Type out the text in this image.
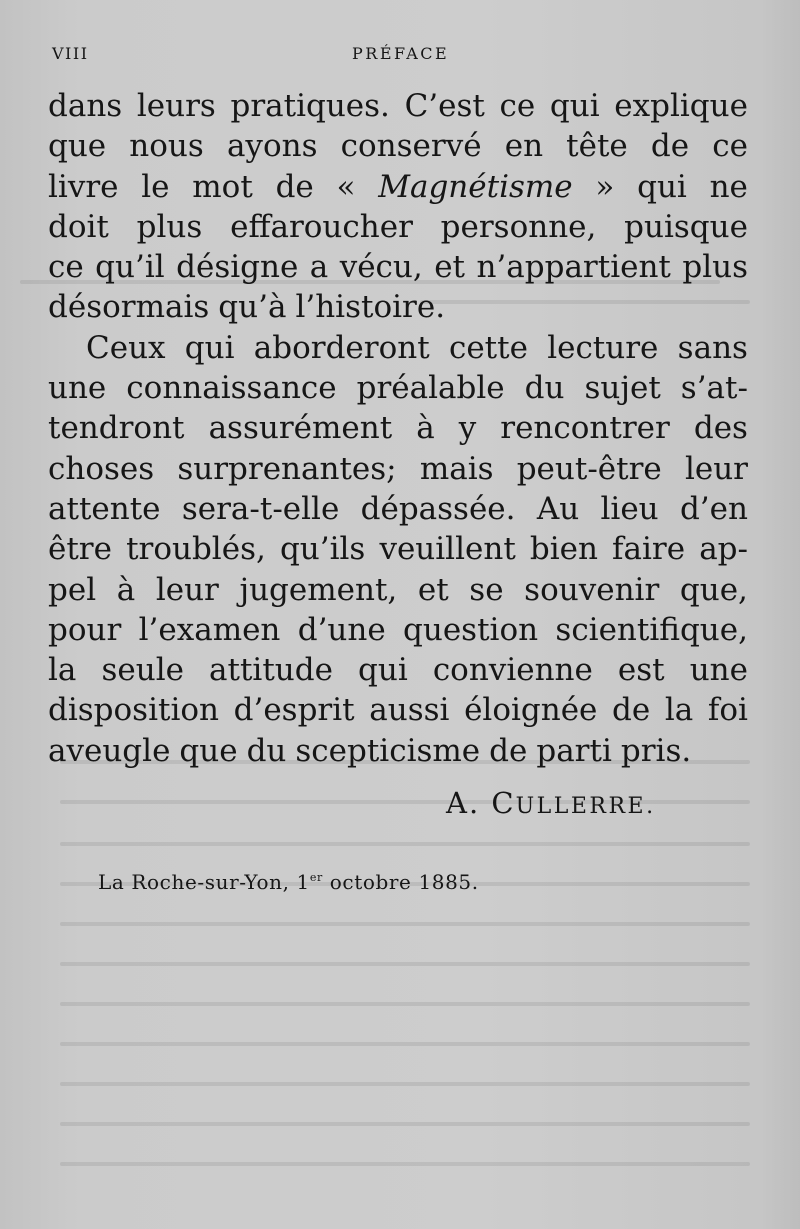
VIII	PRÉFACE
dans leurs pratiques. C’est ce qui explique
que nous ayons conservé en tête de ce
livre le mot de « Magnétisme » qui ne
doit plus effaroucher personne, puisque
ce qu’il désigne a vécu, et n’appartient plus
désormais qu’à l’histoire.
Ceux qui aborderont cette lecture sans
une connaissance préalable du sujet s’at-
tendront assurément à y rencontrer des
choses surprenantes; mais peut-être leur
attente sera-t-elle dépassée. Au lieu d’en
être troublés, qu’ils veuillent bien faire ap-
pel à leur jugement, et se souvenir que,
pour l’examen d’une question scientifique,
la seule attitude qui convienne est une
disposition d’esprit aussi éloignée de la foi
aveugle que du scepticisme de parti pris.
A. CULLERRE.
La Roche-sur-Yon, 1er octobre 1885.
